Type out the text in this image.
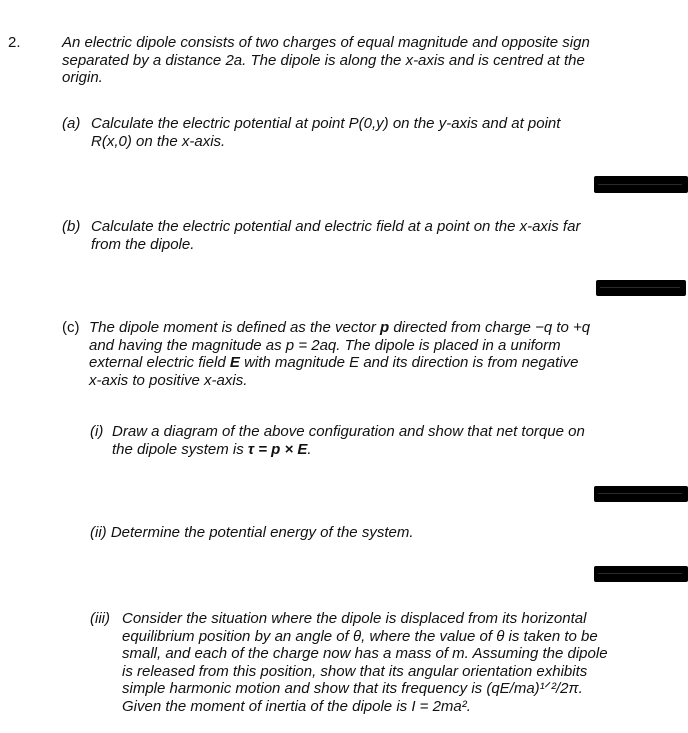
2.	An electric dipole consists of two charges of equal magnitude and opposite sign
separated by a distance 2a. The dipole is along the x-axis and is centred at the
origin.
(a) Calculate the electric potential at point P(0,y) on the y-axis and at point
R(x,0) on the x-axis.
(b) Calculate the electric potential and electric field at a point on the x-axis far
from the dipole.
(c) The dipole moment is defined as the vector p directed from charge −q to +q
and having the magnitude as p = 2aq. The dipole is placed in a uniform
external electric field E with magnitude E and its direction is from negative
x-axis to positive x-axis.
(i) Draw a diagram of the above configuration and show that net torque on
the dipole system is τ = p × E.
(ii) Determine the potential energy of the system.
(iii) Consider the situation where the dipole is displaced from its horizontal
equilibrium position by an angle of θ, where the value of θ is taken to be
small, and each of the charge now has a mass of m. Assuming the dipole
is released from this position, show that its angular orientation exhibits
simple harmonic motion and show that its frequency is (qE/ma)¹ᐟ²/2π.
Given the moment of inertia of the dipole is I = 2ma².
